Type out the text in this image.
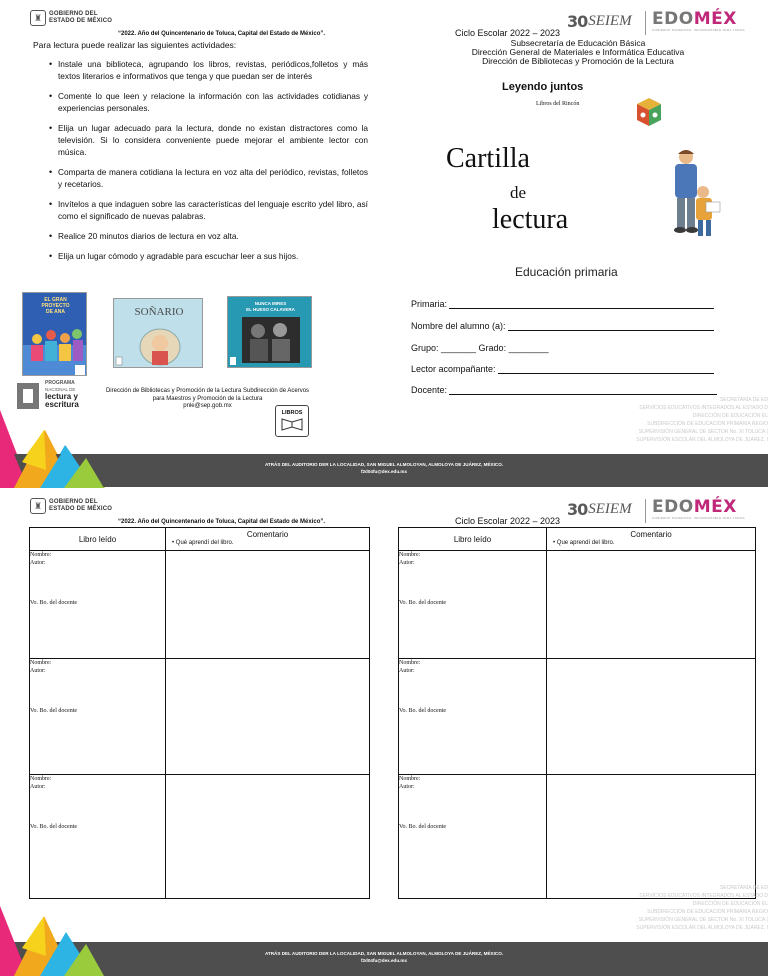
♜	GOBIERNO DEL
ESTADO DE MÉXICO
“2022. Año del Quincentenario de Toluca, Capital del Estado de México”.
Para lectura puede realizar las siguientes actividades:
• Instale una biblioteca, agrupando los libros, revistas, periódicos,folletos y más textos literarios e informativos que tenga y que puedan ser de interés
• Comente lo que leen y relacione la información con las actividades cotidianas y experiencias personales.
• Elija un lugar adecuado para la lectura, donde no existan distractores como la televisión. Si lo considera conveniente puede mejorar el ambiente lector con música.
• Comparta de manera cotidiana la lectura en voz alta del periódico, revistas, folletos y recetarios.
• Invítelos a que indaguen sobre las características del lenguaje escrito ydel libro, así como el significado de nuevas palabras.
• Realice 20 minutos diarios de lectura en voz alta.
• Elija un lugar cómodo y agradable para escuchar leer a sus hijos.
EL GRAN
PROYECTO
DE ANA	SOÑARIO
NUNCA MIRES
EL HUESO CALAVERA
PROGRAMA
NACIONAL DE
lectura y
escritura
Dirección de Bibliotecas y Promoción de la Lectura Subdirección de Acervos para Maestros y Promoción de la Lectura
pnle@sep.gob.mx
LIBROS
Ciclo Escolar 2022 – 2023
30 SEIEM EDOMÉX
GOBIERNO PODEROSO: INDISPENSABLE PARA TODOS
Subsecretaría de Educación Básica
Dirección General de Materiales e Informática Educativa
Dirección de Bibliotecas y Promoción de la Lectura
Leyendo juntos
Libros del Rincón
Cartilla
de
lectura
Educación primaria
Primaria:
Nombre del alumno (a):
Grupo: _______ Grado: ________
Lector acompañante:
Docente:
SECRETARÍA DE ED
SERVICIOS EDUCATIVOS INTEGRADOS AL ESTADO D
DIRECCIÓN DE EDUCACIÓN EL
SUBDIRECCIÓN DE EDUCACIÓN PRIMARIA REGIO
SUPERVISIÓN GENERAL DE SECTOR No. XI TOLUCA (
SUPERVISIÓN ESCOLAR DEL ALMOLOYA DE JUÁREZ, I
ATRÁS DEL AUDITORIO DER LA LOCALIDAD, SAN MIGUEL ALMOLOYAN, ALMOLOYA DE JUÁREZ, MÉXICO.
f2d04fu@dex.edu.mx
♜	GOBIERNO DEL
ESTADO DE MÉXICO
“2022. Año del Quincentenario de Toluca, Capital del Estado de México”.	Ciclo Escolar 2022 – 2023
30 SEIEM EDOMÉX
GOBIERNO PODEROSO: INDISPENSABLE PARA TODOS
Libro leído	Comentario
• Qué aprendí del libro.

Nombre:
Autor:
Vo. Bo. del docente	

Nombre:
Autor:
Vo. Bo. del docente	

Nombre:
Autor:
Vo. Bo. del docente	

Libro leído	Comentario
• Que aprendí del libro.

Nombre:
Autor:
Vo. Bo. del docente	

Nombre:
Autor:
Vo. Bo. del docente	

Nombre:
Autor:
Vo. Bo. del docente	

SECRETARÍA DE ED
SERVICIOS EDUCATIVOS INTEGRADOS AL ESTADO D
DIRECCIÓN DE EDUCACIÓN EL
SUBDIRECCIÓN DE EDUCACIÓN PRIMARIA REGIO
SUPERVISIÓN GENERAL DE SECTOR No. XI TOLUCA (
SUPERVISIÓN ESCOLAR DEL ALMOLOYA DE JUÁREZ, I
ATRÁS DEL AUDITORIO DER LA LOCALIDAD, SAN MIGUEL ALMOLOYAN, ALMOLOYA DE JUÁREZ, MÉXICO.
f2d04fu@dex.edu.mx
